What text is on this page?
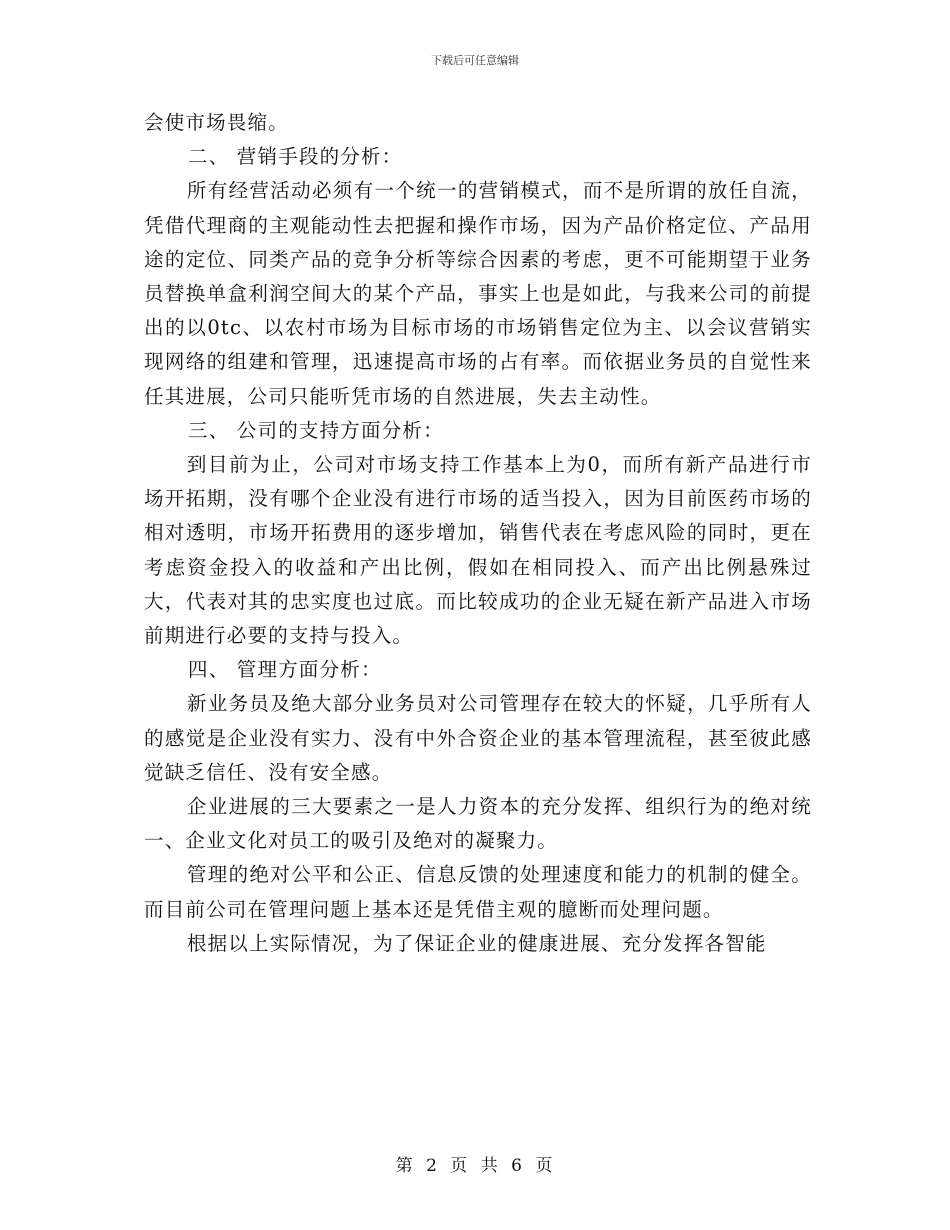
下载后可任意编辑

会使市场畏缩。

二、 营销手段的分析：

所有经营活动必须有一个统一的营销模式，而不是所谓的放任自流，凭借代理商的主观能动性去把握和操作市场，因为产品价格定位、产品用途的定位、同类产品的竞争分析等综合因素的考虑，更不可能期望于业务员替换单盒利润空间大的某个产品，事实上也是如此，与我来公司的前提出的以0tc、以农村市场为目标市场的市场销售定位为主、以会议营销实现网络的组建和管理，迅速提高市场的占有率。而依据业务员的自觉性来任其进展，公司只能听凭市场的自然进展，失去主动性。

三、 公司的支持方面分析：

到目前为止，公司对市场支持工作基本上为0，而所有新产品进行市场开拓期，没有哪个企业没有进行市场的适当投入，因为目前医药市场的相对透明，市场开拓费用的逐步增加，销售代表在考虑风险的同时，更在考虑资金投入的收益和产出比例，假如在相同投入、而产出比例悬殊过大，代表对其的忠实度也过底。而比较成功的企业无疑在新产品进入市场前期进行必要的支持与投入。

四、 管理方面分析：

新业务员及绝大部分业务员对公司管理存在较大的怀疑，几乎所有人的感觉是企业没有实力、没有中外合资企业的基本管理流程，甚至彼此感觉缺乏信任、没有安全感。

企业进展的三大要素之一是人力资本的充分发挥、组织行为的绝对统一、企业文化对员工的吸引及绝对的凝聚力。

管理的绝对公平和公正、信息反馈的处理速度和能力的机制的健全。而目前公司在管理问题上基本还是凭借主观的臆断而处理问题。

根据以上实际情况，为了保证企业的健康进展、充分发挥各智能

第 2 页 共 6 页
